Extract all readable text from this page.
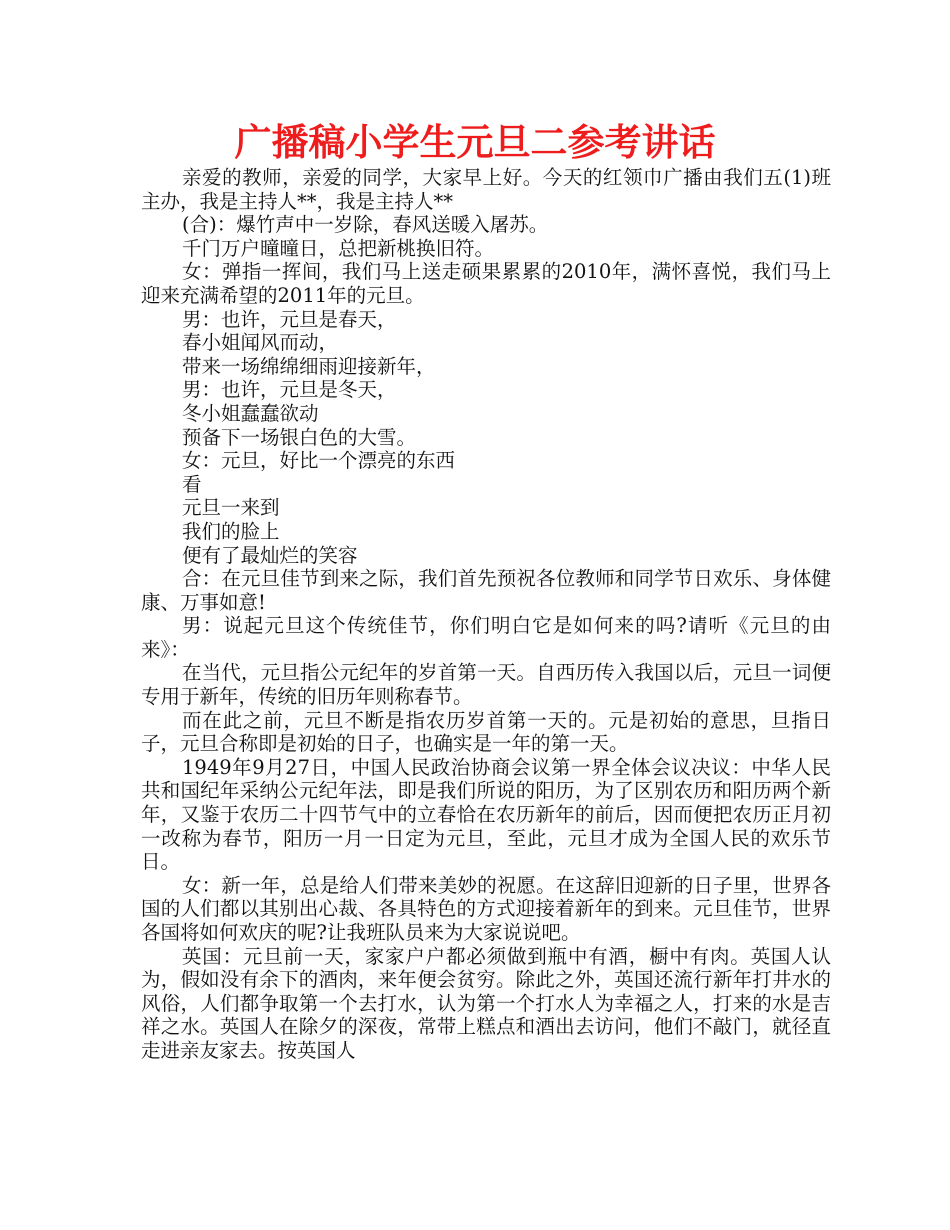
广播稿小学生元旦二参考讲话

亲爱的教师，亲爱的同学，大家早上好。今天的红领巾广播由我们五(1)班主办，我是主持人**，我是主持人**

(合)：爆竹声中一岁除，春风送暖入屠苏。

千门万户曈曈日，总把新桃换旧符。

女：弹指一挥间，我们马上送走硕果累累的2010年，满怀喜悦，我们马上迎来充满希望的2011年的元旦。

男：也许，元旦是春天，

春小姐闻风而动，

带来一场绵绵细雨迎接新年，

男：也许，元旦是冬天，

冬小姐蠢蠢欲动

预备下一场银白色的大雪。

女：元旦，好比一个漂亮的东西

看

元旦一来到

我们的脸上

便有了最灿烂的笑容

合：在元旦佳节到来之际，我们首先预祝各位教师和同学节日欢乐、身体健康、万事如意!

男：说起元旦这个传统佳节，你们明白它是如何来的吗?请听《元旦的由来》：

在当代，元旦指公元纪年的岁首第一天。自西历传入我国以后，元旦一词便专用于新年，传统的旧历年则称春节。

而在此之前，元旦不断是指农历岁首第一天的。元是初始的意思，旦指日子，元旦合称即是初始的日子，也确实是一年的第一天。

1949年9月27日，中国人民政治协商会议第一界全体会议决议：中华人民共和国纪年采纳公元纪年法，即是我们所说的阳历，为了区别农历和阳历两个新年，又鉴于农历二十四节气中的立春恰在农历新年的前后，因而便把农历正月初一改称为春节，阳历一月一日定为元旦，至此，元旦才成为全国人民的欢乐节日。

女：新一年，总是给人们带来美妙的祝愿。在这辞旧迎新的日子里，世界各国的人们都以其别出心裁、各具特色的方式迎接着新年的到来。元旦佳节，世界各国将如何欢庆的呢?让我班队员来为大家说说吧。

英国：元旦前一天，家家户户都必须做到瓶中有酒，橱中有肉。英国人认为，假如没有余下的酒肉，来年便会贫穷。除此之外，英国还流行新年打井水的风俗，人们都争取第一个去打水，认为第一个打水人为幸福之人，打来的水是吉祥之水。英国人在除夕的深夜，常带上糕点和酒出去访问，他们不敲门，就径直走进亲友家去。按英国人
